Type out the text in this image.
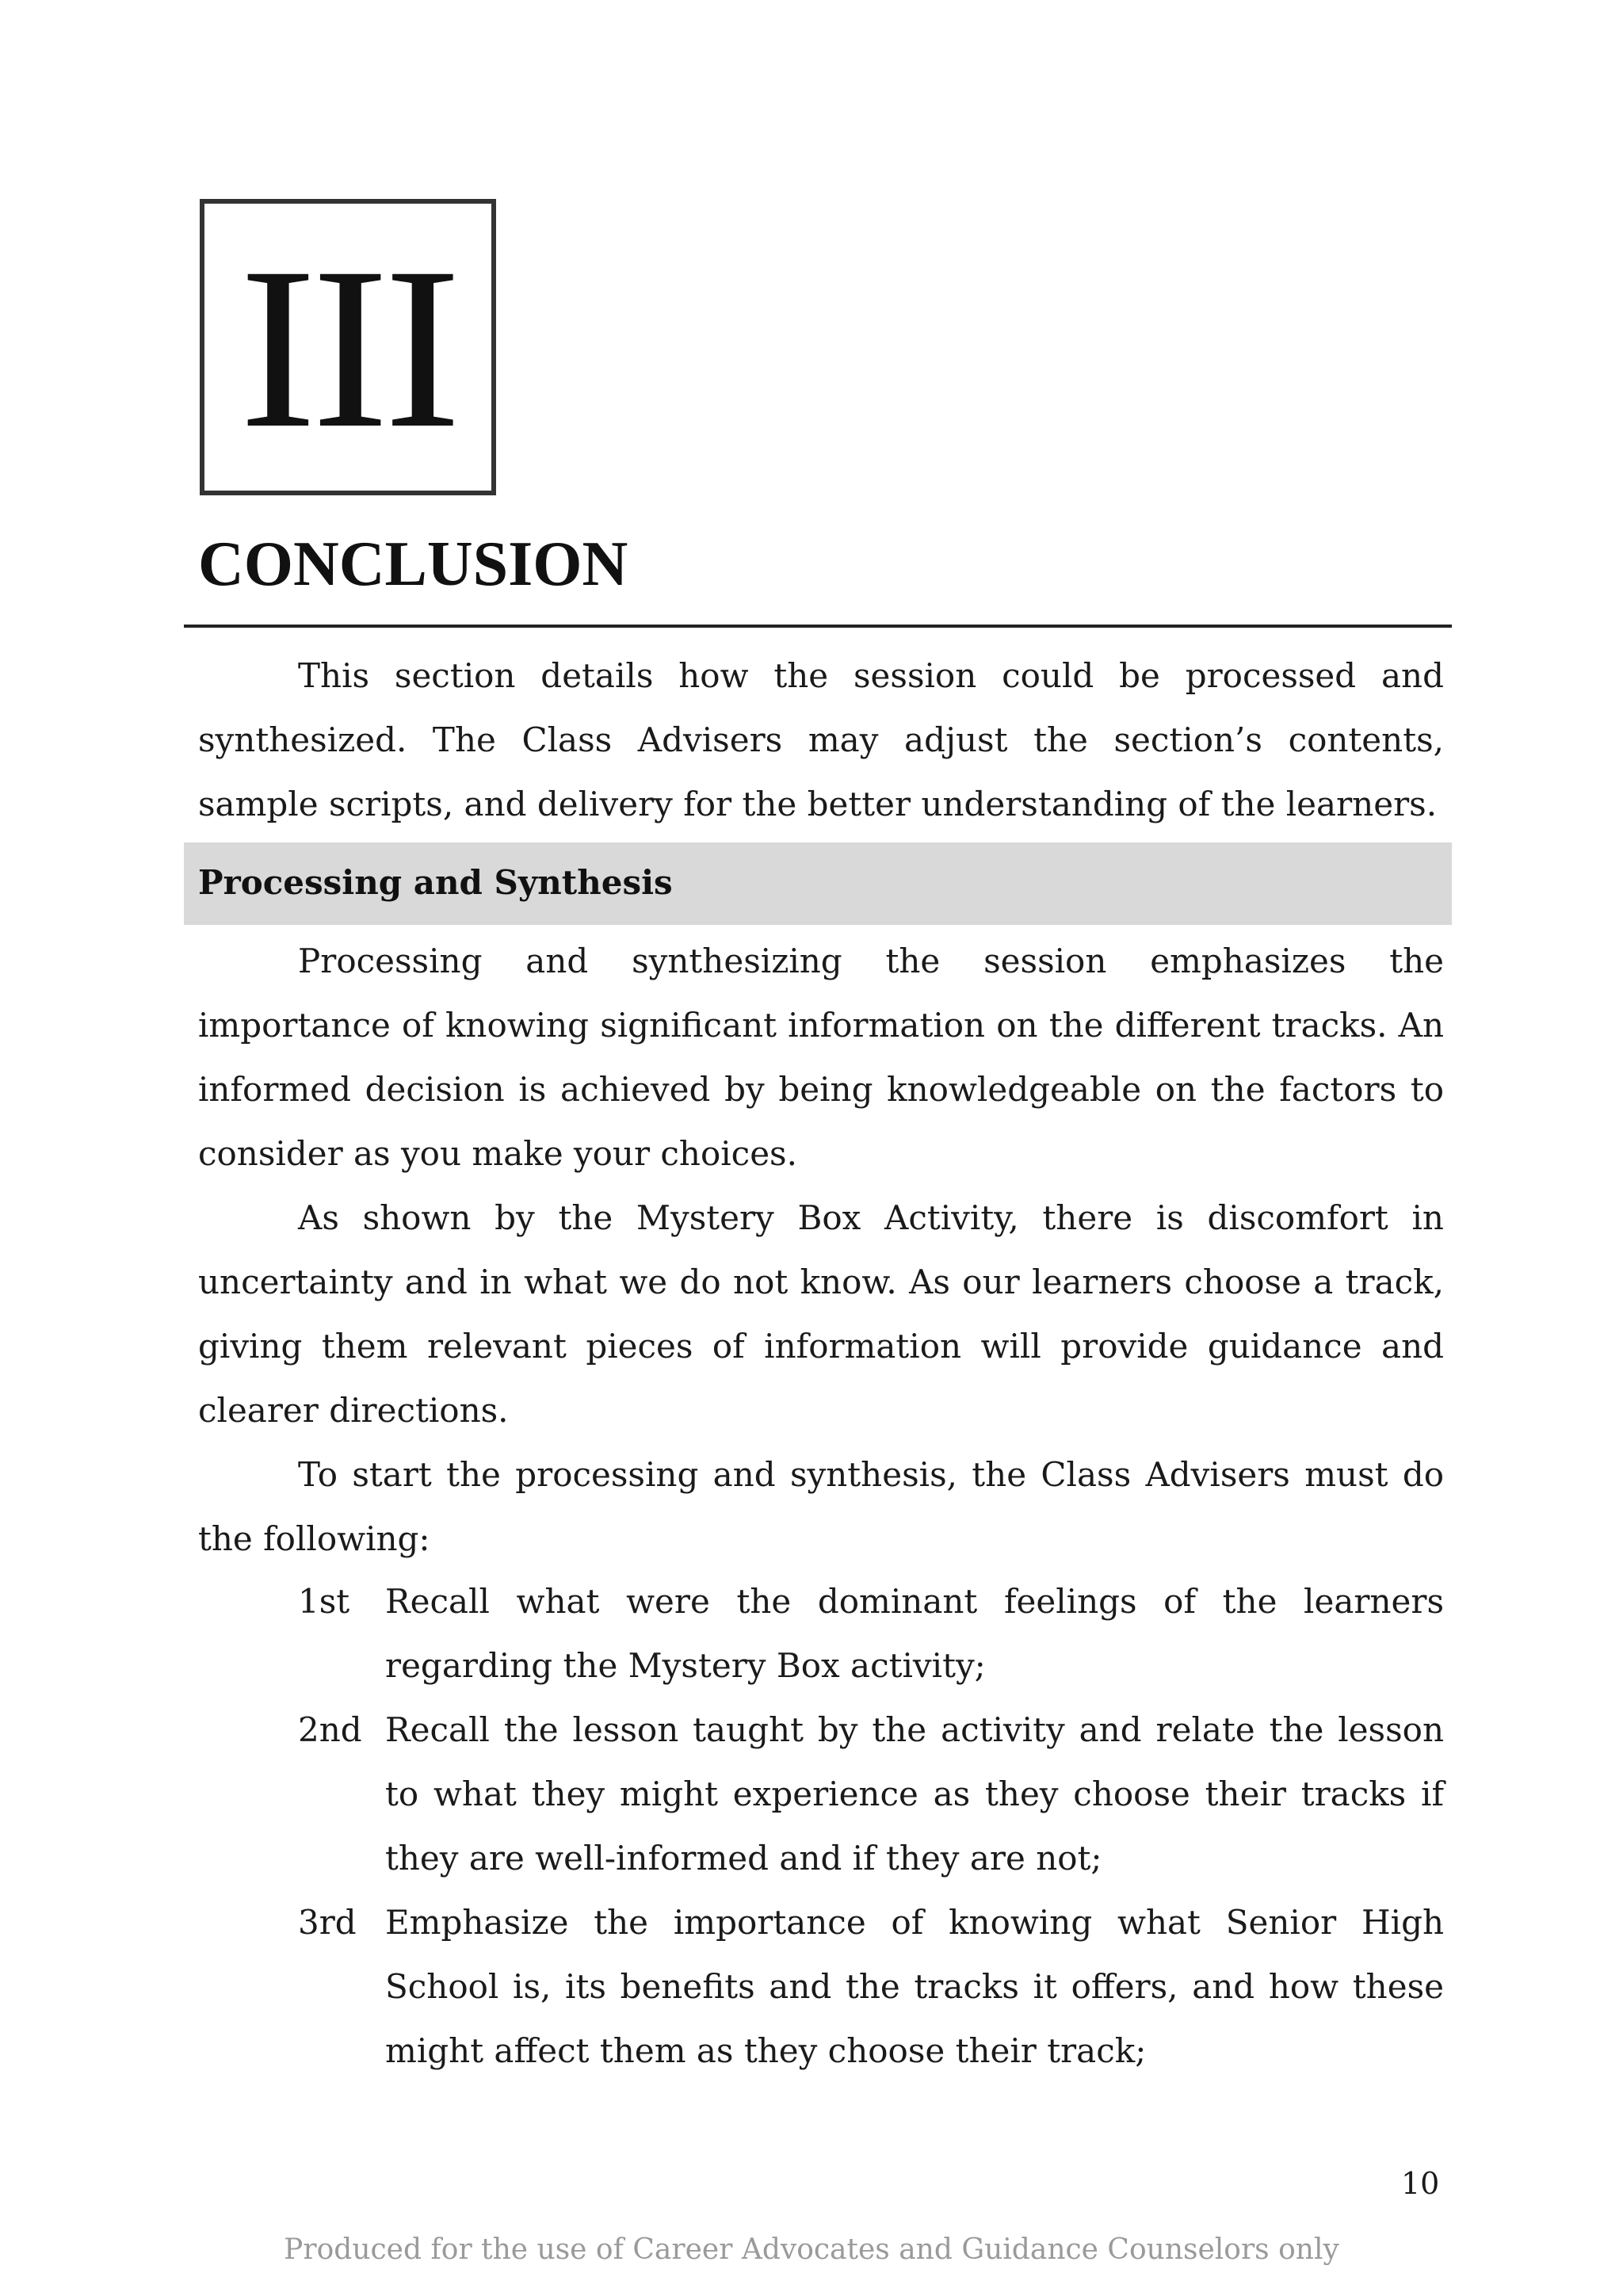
III
CONCLUSION

This section details how the session could be processed and synthesized. The Class Advisers may adjust the section’s contents, sample scripts, and delivery for the better understanding of the learners.

Processing and Synthesis

Processing and synthesizing the session emphasizes the importance of knowing significant information on the different tracks. An informed decision is achieved by being knowledgeable on the factors to consider as you make your choices.

As shown by the Mystery Box Activity, there is discomfort in uncertainty and in what we do not know. As our learners choose a track, giving them relevant pieces of information will provide guidance and clearer directions.

To start the processing and synthesis, the Class Advisers must do the following:

1st Recall what were the dominant feelings of the learners regarding the Mystery Box activity;
2nd Recall the lesson taught by the activity and relate the lesson to what they might experience as they choose their tracks if they are well-informed and if they are not;
3rd Emphasize the importance of knowing what Senior High School is, its benefits and the tracks it offers, and how these might affect them as they choose their track;
10
Produced for the use of Career Advocates and Guidance Counselors only
